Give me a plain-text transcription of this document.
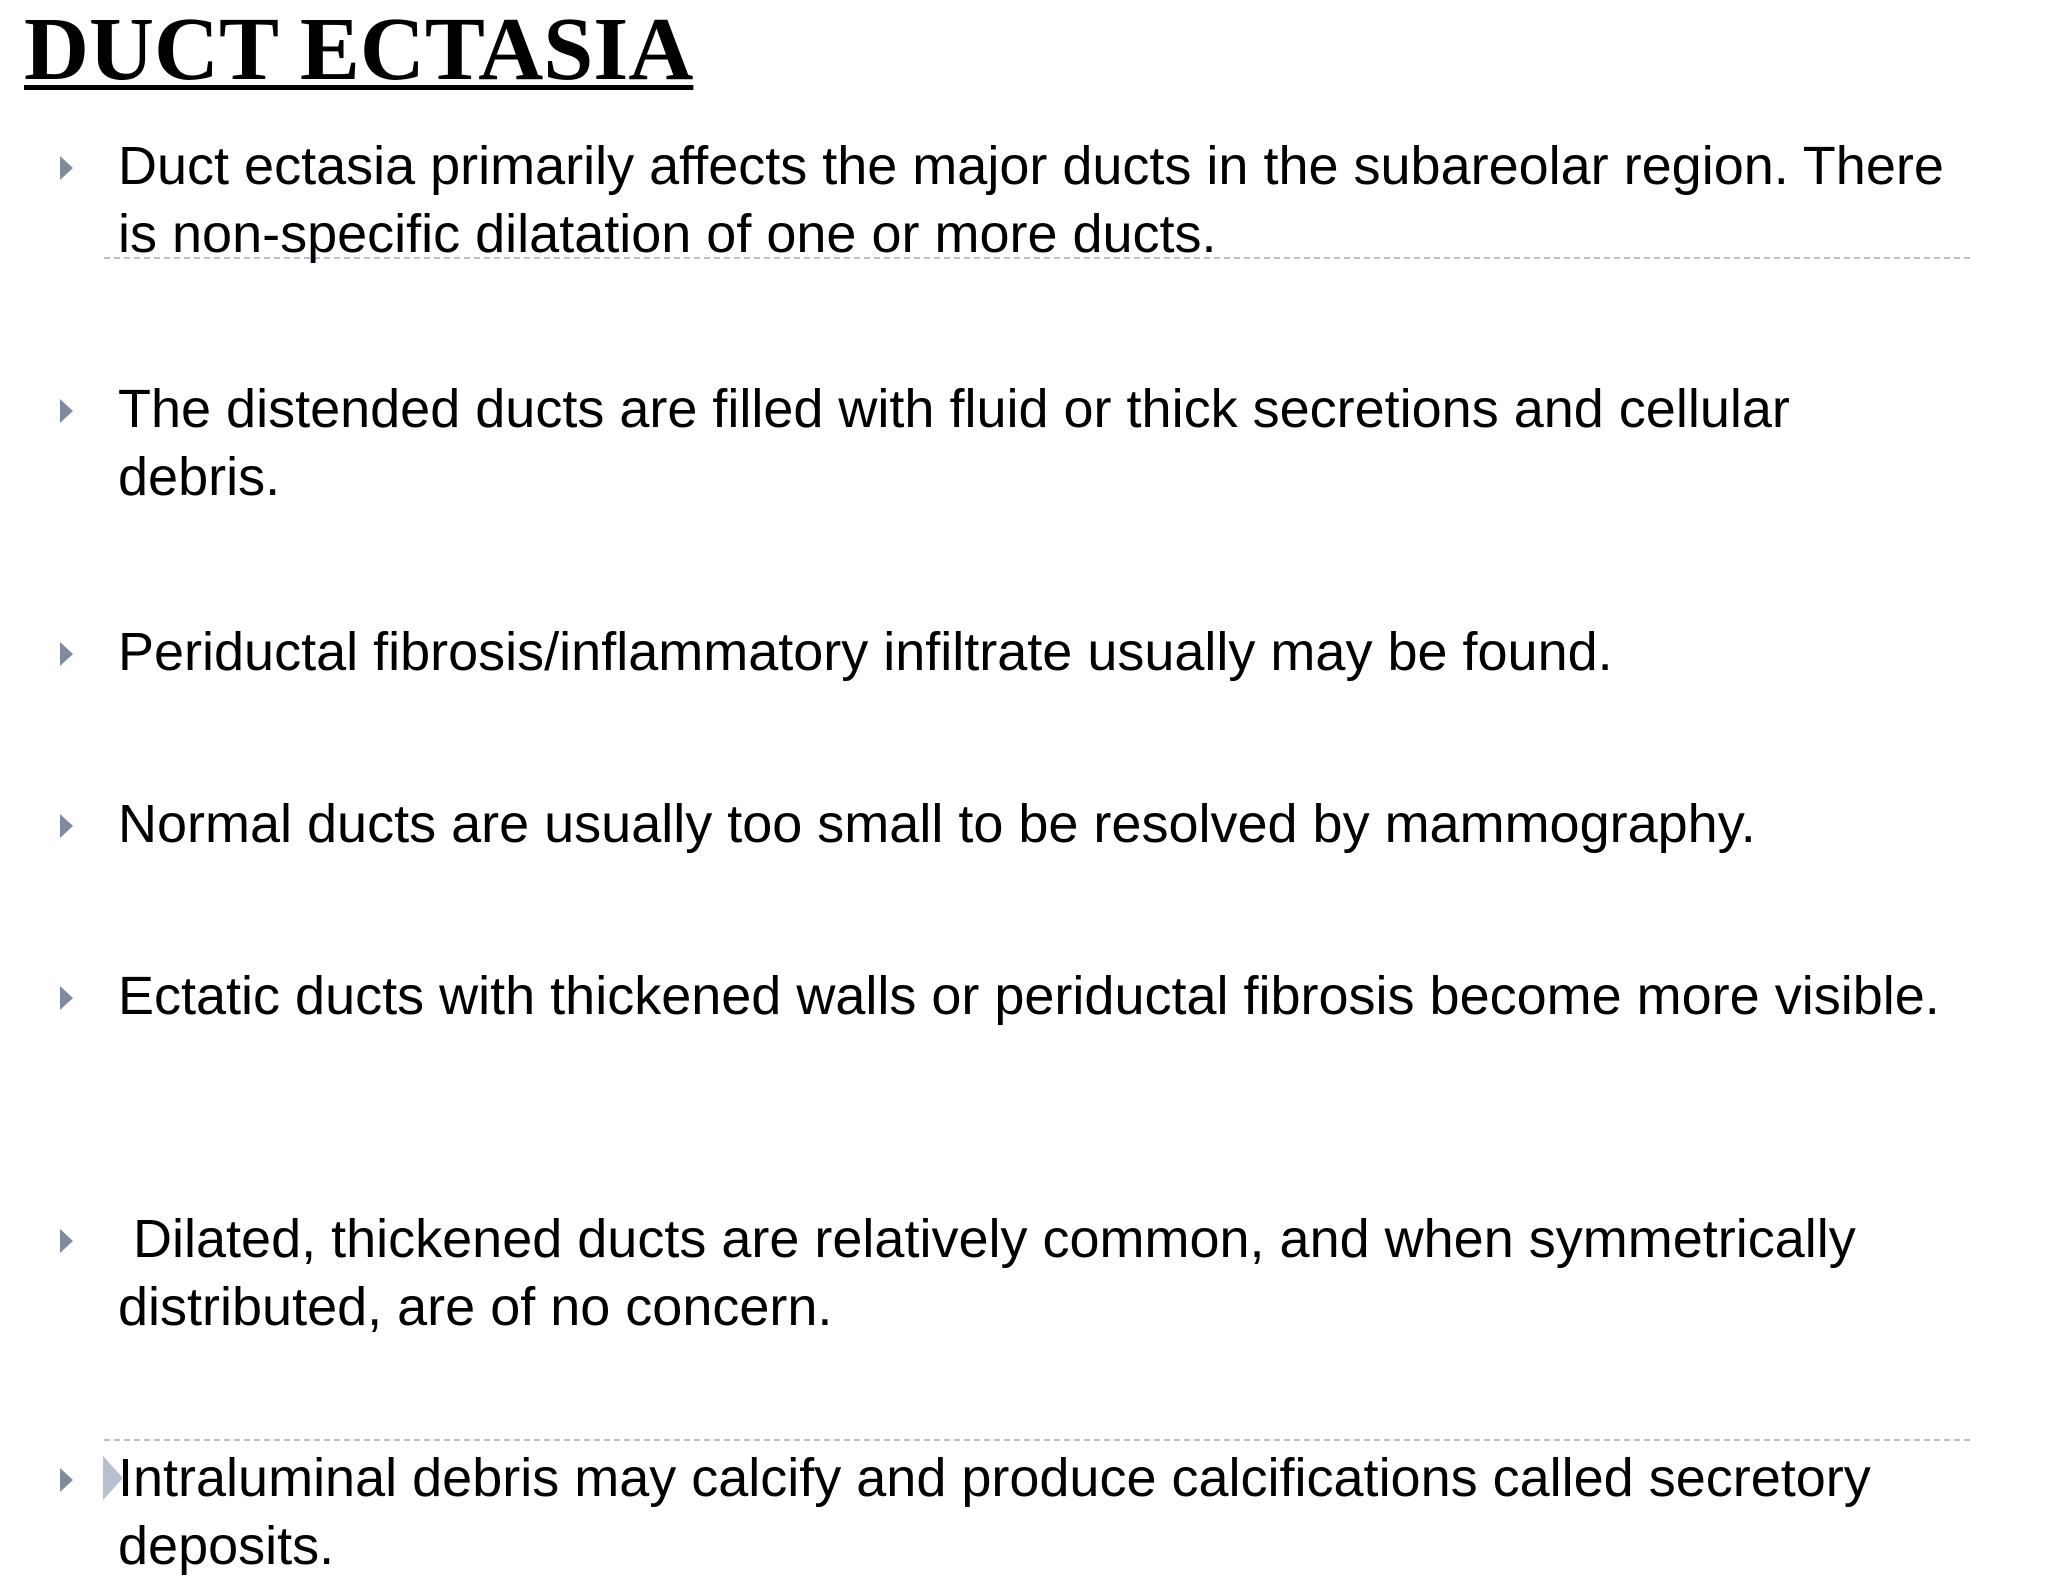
DUCT ECTASIA

Duct ectasia primarily affects the major ducts in the subareolar region. There is non-specific dilatation of one or more ducts.

The distended ducts are filled with fluid or thick secretions and cellular debris.

Periductal fibrosis/inflammatory infiltrate usually may be found.

Normal ducts are usually too small to be resolved by mammography.

Ectatic ducts with thickened walls or periductal fibrosis become more visible.

Dilated, thickened ducts are relatively common, and when symmetrically distributed, are of no concern.

Intraluminal debris may calcify and produce calcifications called secretory deposits.
